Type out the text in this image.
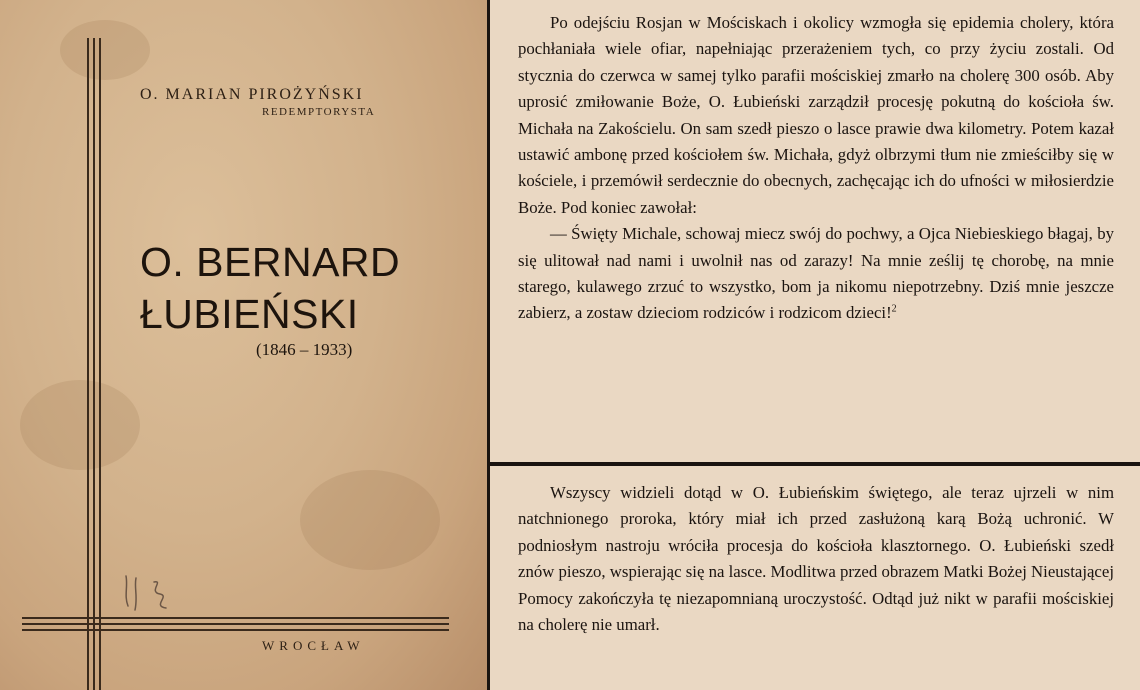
O. MARIAN PIROŻYŃSKI
REDEMPTORYSTA
O. BERNARD
ŁUBIEŃSKI
(1846 – 1933)
WROCŁAW

Po odejściu Rosjan w Mościskach i okolicy wzmogła się epidemia cholery, która pochłaniała wiele ofiar, napełniając przerażeniem tych, co przy życiu zostali. Od stycznia do czerwca w samej tylko parafii mościskiej zmarło na cholerę 300 osób. Aby uprosić zmiłowanie Boże, O. Łubieński zarządził procesję pokutną do kościoła św. Michała na Zakościelu. On sam szedł pieszo o lasce prawie dwa kilometry. Potem kazał ustawić ambonę przed kościołem św. Michała, gdyż olbrzymi tłum nie zmieściłby się w kościele, i przemówił serdecznie do obecnych, zachęcając ich do ufności w miłosierdzie Boże. Pod koniec zawołał:

— Święty Michale, schowaj miecz swój do pochwy, a Ojca Niebieskiego błagaj, by się ulitował nad nami i uwolnił nas od zarazy! Na mnie ześlij tę chorobę, na mnie starego, kulawego zrzuć to wszystko, bom ja nikomu niepotrzebny. Dziś mnie jeszcze zabierz, a zostaw dzieciom rodziców i rodzicom dzieci!$^2$

Wszyscy widzieli dotąd w O. Łubieńskim świętego, ale teraz ujrzeli w nim natchnionego proroka, który miał ich przed zasłużoną karą Bożą uchronić. W podniosłym nastroju wróciła procesja do kościoła klasztornego. O. Łubieński szedł znów pieszo, wspierając się na lasce. Modlitwa przed obrazem Matki Bożej Nieustającej Pomocy zakończyła tę niezapomnianą uroczystość. Odtąd już nikt w parafii mościskiej na cholerę nie umarł.
